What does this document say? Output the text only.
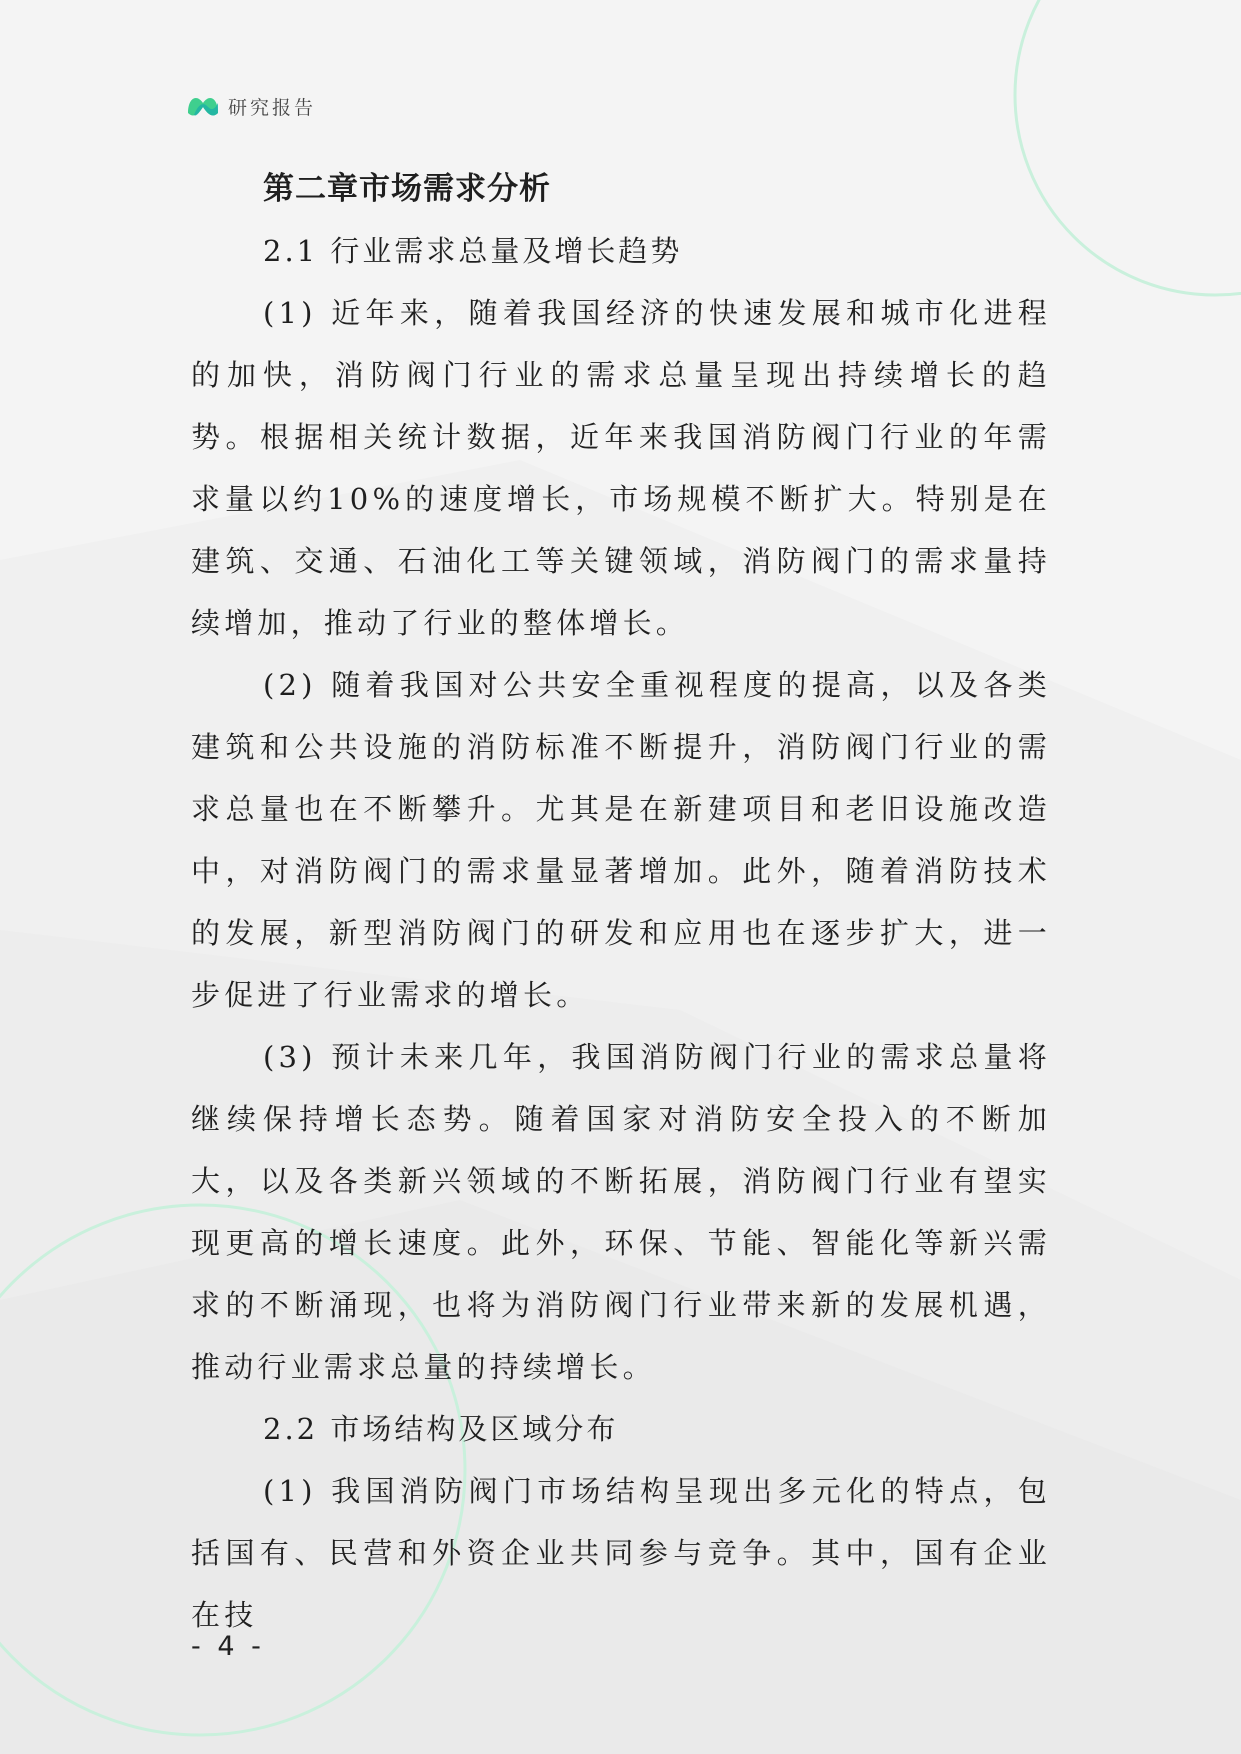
研究报告
第二章市场需求分析
2.1 行业需求总量及增长趋势

(1) 近年来，随着我国经济的快速发展和城市化进程的加快，消防阀门行业的需求总量呈现出持续增长的趋势。根据相关统计数据，近年来我国消防阀门行业的年需求量以约10%的速度增长，市场规模不断扩大。特别是在建筑、交通、石油化工等关键领域，消防阀门的需求量持续增加，推动了行业的整体增长。

(2) 随着我国对公共安全重视程度的提高，以及各类建筑和公共设施的消防标准不断提升，消防阀门行业的需求总量也在不断攀升。尤其是在新建项目和老旧设施改造中，对消防阀门的需求量显著增加。此外，随着消防技术的发展，新型消防阀门的研发和应用也在逐步扩大，进一步促进了行业需求的增长。

(3) 预计未来几年，我国消防阀门行业的需求总量将继续保持增长态势。随着国家对消防安全投入的不断加大，以及各类新兴领域的不断拓展，消防阀门行业有望实现更高的增长速度。此外，环保、节能、智能化等新兴需求的不断涌现，也将为消防阀门行业带来新的发展机遇，推动行业需求总量的持续增长。

2.2 市场结构及区域分布

(1) 我国消防阀门市场结构呈现出多元化的特点，包括国有、民营和外资企业共同参与竞争。其中，国有企业在技

- 4 -
